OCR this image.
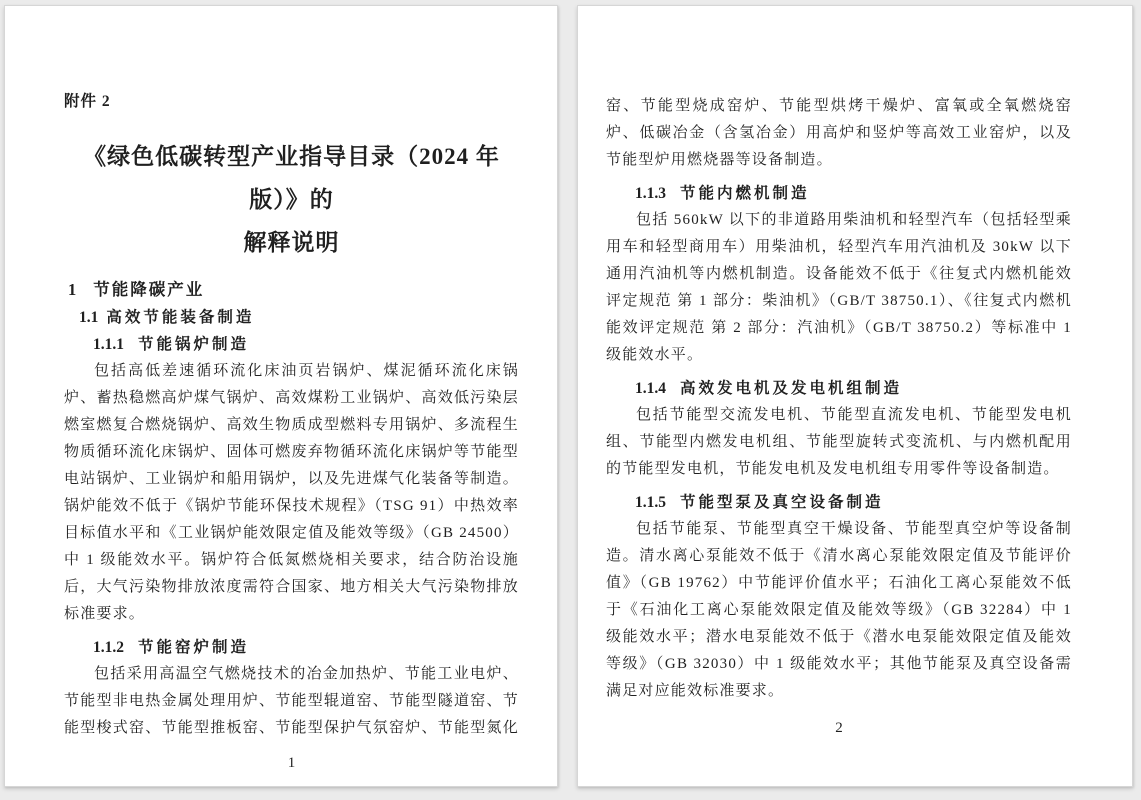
附件 2
《绿色低碳转型产业指导目录（2024 年版）》的
解释说明
1 节能降碳产业
1.1 高效节能装备制造
1.1.1 节能锅炉制造

包括高低差速循环流化床油页岩锅炉、煤泥循环流化床锅炉、蓄热稳燃高炉煤气锅炉、高效煤粉工业锅炉、高效低污染层燃室燃复合燃烧锅炉、高效生物质成型燃料专用锅炉、多流程生物质循环流化床锅炉、固体可燃废弃物循环流化床锅炉等节能型电站锅炉、工业锅炉和船用锅炉，以及先进煤气化装备等制造。锅炉能效不低于《锅炉节能环保技术规程》（TSG 91）中热效率目标值水平和《工业锅炉能效限定值及能效等级》（GB 24500）中 1 级能效水平。锅炉符合低氮燃烧相关要求，结合防治设施后，大气污染物排放浓度需符合国家、地方相关大气污染物排放标准要求。

1.1.2 节能窑炉制造

包括采用高温空气燃烧技术的冶金加热炉、节能工业电炉、节能型非电热金属处理用炉、节能型辊道窑、节能型隧道窑、节能型梭式窑、节能型推板窑、节能型保护气氛窑炉、节能型氮化

1

窑、节能型烧成窑炉、节能型烘烤干燥炉、富氧或全氧燃烧窑炉、低碳冶金（含氢冶金）用高炉和竖炉等高效工业窑炉，以及节能型炉用燃烧器等设备制造。

1.1.3 节能内燃机制造

包括 560kW 以下的非道路用柴油机和轻型汽车（包括轻型乘用车和轻型商用车）用柴油机，轻型汽车用汽油机及 30kW 以下通用汽油机等内燃机制造。设备能效不低于《往复式内燃机能效评定规范 第 1 部分：柴油机》（GB/T 38750.1）、《往复式内燃机能效评定规范 第 2 部分：汽油机》（GB/T 38750.2）等标准中 1 级能效水平。

1.1.4 高效发电机及发电机组制造

包括节能型交流发电机、节能型直流发电机、节能型发电机组、节能型内燃发电机组、节能型旋转式变流机、与内燃机配用的节能型发电机，节能发电机及发电机组专用零件等设备制造。

1.1.5 节能型泵及真空设备制造

包括节能泵、节能型真空干燥设备、节能型真空炉等设备制造。清水离心泵能效不低于《清水离心泵能效限定值及节能评价值》（GB 19762）中节能评价值水平；石油化工离心泵能效不低于《石油化工离心泵能效限定值及能效等级》（GB 32284）中 1 级能效水平；潜水电泵能效不低于《潜水电泵能效限定值及能效等级》（GB 32030）中 1 级能效水平；其他节能泵及真空设备需满足对应能效标准要求。

2
